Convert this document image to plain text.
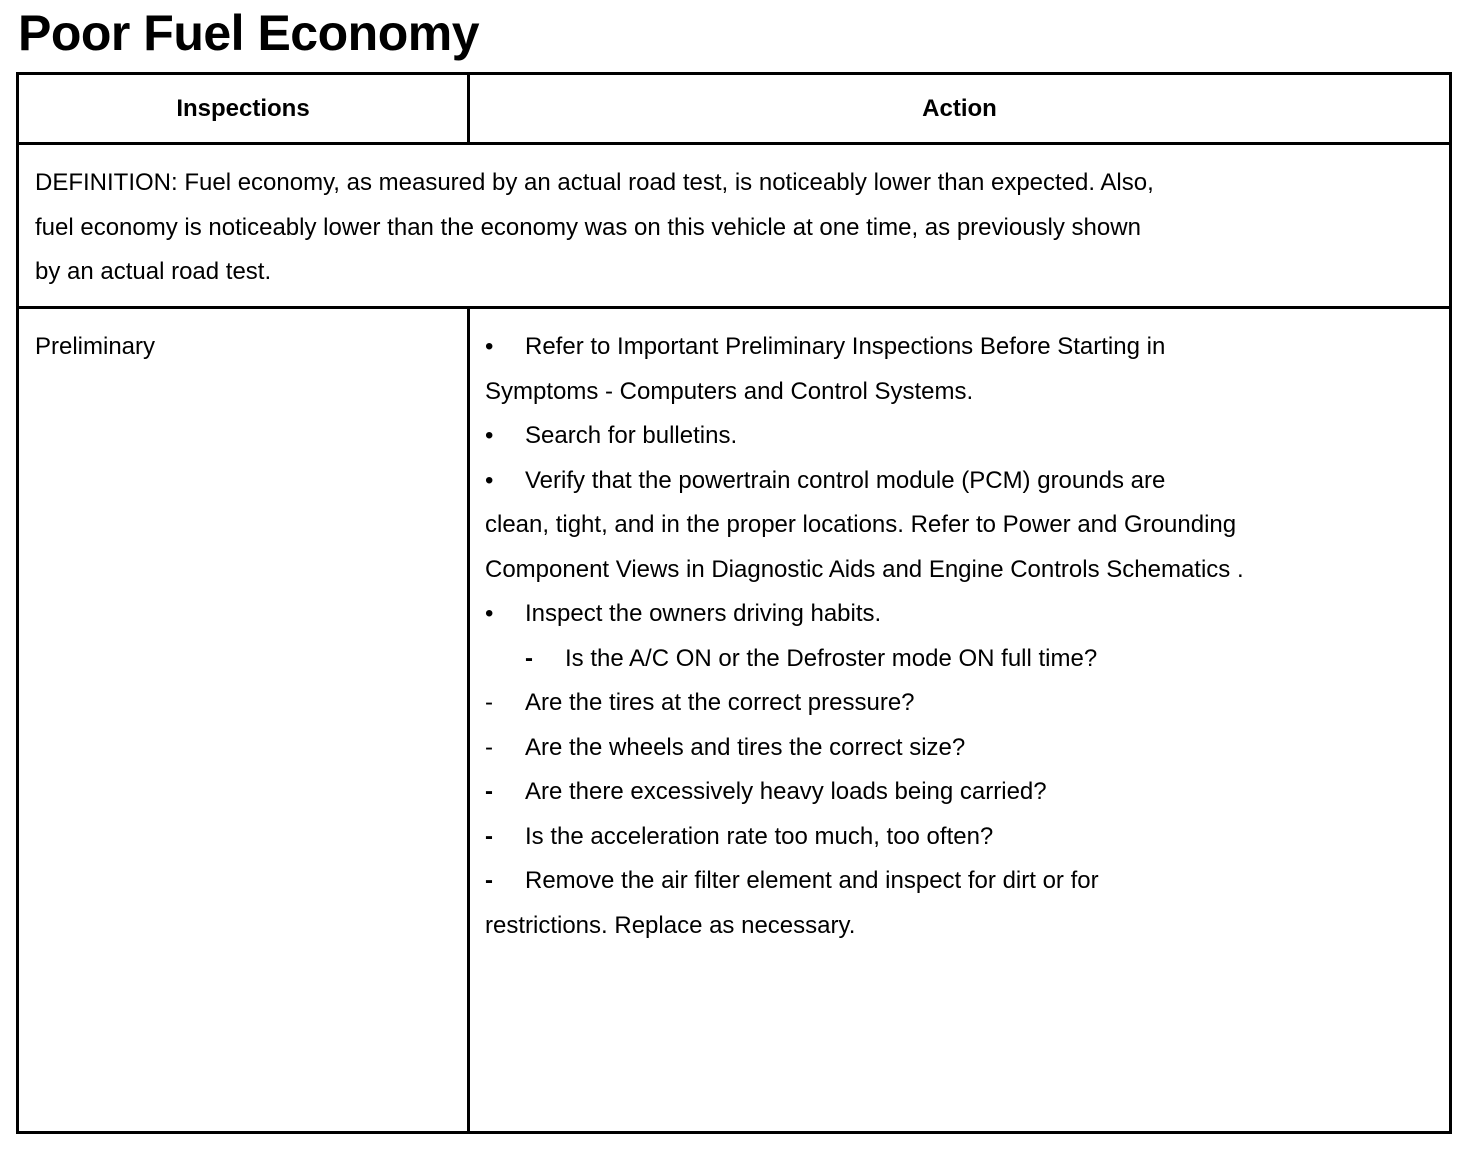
Poor Fuel Economy
Inspections	Action
DEFINITION: Fuel economy, as measured by an actual road test, is noticeably lower than expected. Also,
fuel economy is noticeably lower than the economy was on this vehicle at one time, as previously shown
by an actual road test.
Preliminary	• Refer to Important Preliminary Inspections Before Starting in
Symptoms - Computers and Control Systems.
• Search for bulletins.
• Verify that the powertrain control module (PCM) grounds are
clean, tight, and in the proper locations. Refer to Power and Grounding
Component Views in Diagnostic Aids and Engine Controls Schematics .
• Inspect the owners driving habits.
- Is the A/C ON or the Defroster mode ON full time?
- Are the tires at the correct pressure?
- Are the wheels and tires the correct size?
- Are there excessively heavy loads being carried?
- Is the acceleration rate too much, too often?
- Remove the air filter element and inspect for dirt or for
restrictions. Replace as necessary.
